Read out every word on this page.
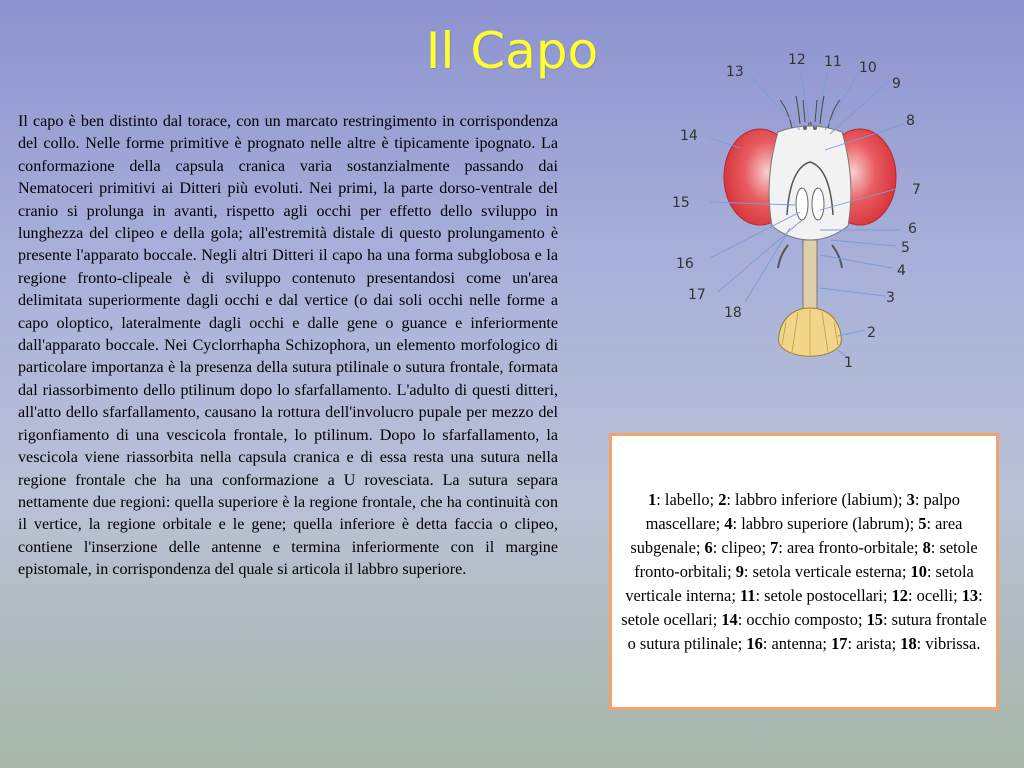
Il Capo
Il capo è ben distinto dal torace, con un marcato restringimento in corrispondenza del collo. Nelle forme primitive è prognato nelle altre è tipicamente ipognato. La conformazione della capsula cranica varia sostanzialmente passando dai Nematoceri primitivi ai Ditteri più evoluti. Nei primi, la parte dorso-ventrale del cranio si prolunga in avanti, rispetto agli occhi per effetto dello sviluppo in lunghezza del clipeo e della gola; all'estremità distale di questo prolungamento è presente l'apparato boccale. Negli altri Ditteri il capo ha una forma subglobosa e la regione fronto-clipeale è di sviluppo contenuto presentandosi come un'area delimitata superiormente dagli occhi e dal vertice (o dai soli occhi nelle forme a capo oloptico, lateralmente dagli occhi e dalle gene o guance e inferiormente dall'apparato boccale. Nei Cyclorrhapha Schizophora, un elemento morfologico di particolare importanza è la presenza della sutura ptilinale o sutura frontale, formata dal riassorbimento dello ptilinum dopo lo sfarfallamento. L'adulto di questi ditteri, all'atto dello sfarfallamento, causano la rottura dell'involucro pupale per mezzo del rigonfiamento di una vescicola frontale, lo ptilinum. Dopo lo sfarfallamento, la vescicola viene riassorbita nella capsula cranica e di essa resta una sutura nella regione frontale che ha una conformazione a U rovesciata. La sutura separa nettamente due regioni: quella superiore è la regione frontale, che ha continuità con il vertice, la regione orbitale e le gene; quella inferiore è detta faccia o clipeo, contiene l'inserzione delle antenne e termina inferiormente con il margine epistomale, in corrispondenza del quale si articola il labbro superiore.
1
2
3
4
5
6
7
8
9
10
11
12
13
14
15
16
17
18
1: labello; 2: labbro inferiore (labium); 3: palpo mascellare; 4: labbro superiore (labrum); 5: area subgenale; 6: clipeo; 7: area fronto-orbitale; 8: setole fronto-orbitali; 9: setola verticale esterna; 10: setola verticale interna; 11: setole postocellari; 12: ocelli; 13: setole ocellari; 14: occhio composto; 15: sutura frontale o sutura ptilinale; 16: antenna; 17: arista; 18: vibrissa.
